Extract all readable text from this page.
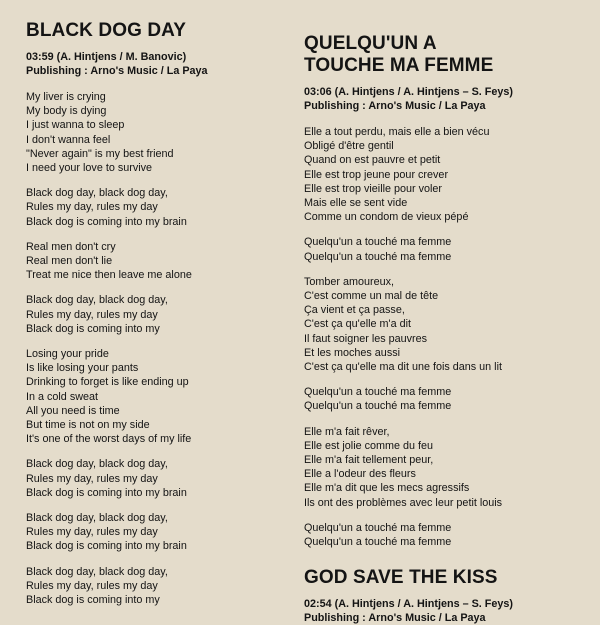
BLACK DOG DAY
03:59 (A. Hintjens / M. Banovic)
Publishing : Arno's Music / La Paya
My liver is crying
My body is dying
I just wanna to sleep
I don't wanna feel
"Never again" is my best friend
I need your love to survive
Black dog day, black dog day,
Rules my day, rules my day
Black dog is coming into my brain
Real men don't cry
Real men don't lie
Treat me nice then leave me alone
Black dog day, black dog day,
Rules my day, rules my day
Black dog is coming into my
Losing your pride
Is like losing your pants
Drinking to forget is like ending up
In a cold sweat
All you need is time
But time is not on my side
It's one of the worst days of my life
Black dog day, black dog day,
Rules my day, rules my day
Black dog is coming into my brain
Black dog day, black dog day,
Rules my day, rules my day
Black dog is coming into my brain
Black dog day, black dog day,
Rules my day, rules my day
Black dog is coming into my
QUELQU'UN A
TOUCHE MA FEMME
03:06 (A. Hintjens / A. Hintjens – S. Feys)
Publishing : Arno's Music / La Paya
Elle a tout perdu, mais elle a bien vécu
Obligé d'être gentil
Quand on est pauvre et petit
Elle est trop jeune pour crever
Elle est trop vieille pour voler
Mais elle se sent vide
Comme un condom de vieux pépé
Quelqu'un a touché ma femme
Quelqu'un a touché ma femme
Tomber amoureux,
C'est comme un mal de tête
Ça vient et ça passe,
C'est ça qu'elle m'a dit
Il faut soigner les pauvres
Et les moches aussi
C'est ça qu'elle ma dit une fois dans un lit
Quelqu'un a touché ma femme
Quelqu'un a touché ma femme
Elle m'a fait rêver,
Elle est jolie comme du feu
Elle m'a fait tellement peur,
Elle a l'odeur des fleurs
Elle m'a dit que les mecs agressifs
Ils ont des problèmes avec leur petit louis
Quelqu'un a touché ma femme
Quelqu'un a touché ma femme
GOD SAVE THE KISS
02:54 (A. Hintjens / A. Hintjens – S. Feys)
Publishing : Arno's Music / La Paya
